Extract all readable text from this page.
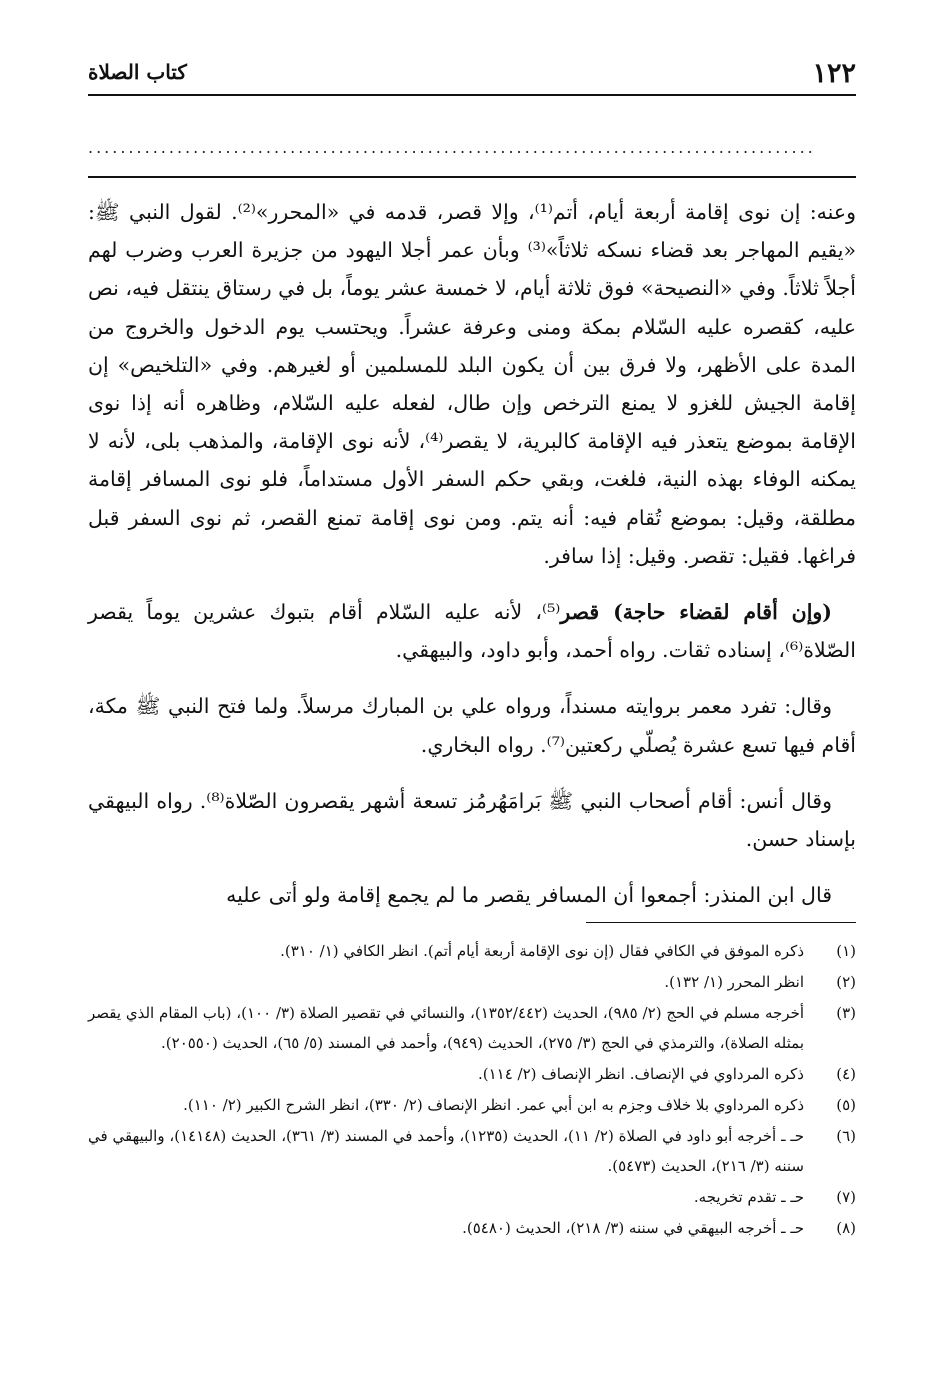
١٢٢
كتاب الصلاة
..........................................................................................

وعنه: إن نوى إقامة أربعة أيام، أتم⁽¹⁾، وإلا قصر، قدمه في «المحرر»⁽²⁾. لقول النبي ﷺ: «يقيم المهاجر بعد قضاء نسكه ثلاثاً»⁽³⁾ وبأن عمر أجلا اليهود من جزيرة العرب وضرب لهم أجلاً ثلاثاً. وفي «النصيحة» فوق ثلاثة أيام، لا خمسة عشر يوماً، بل في رستاق ينتقل فيه، نص عليه، كقصره عليه السّلام بمكة ومنى وعرفة عشراً. ويحتسب يوم الدخول والخروج من المدة على الأظهر، ولا فرق بين أن يكون البلد للمسلمين أو لغيرهم. وفي «التلخيص» إن إقامة الجيش للغزو لا يمنع الترخص وإن طال، لفعله عليه السّلام، وظاهره أنه إذا نوى الإقامة بموضع يتعذر فيه الإقامة كالبرية، لا يقصر⁽⁴⁾، لأنه نوى الإقامة، والمذهب بلى، لأنه لا يمكنه الوفاء بهذه النية، فلغت، وبقي حكم السفر الأول مستداماً، فلو نوى المسافر إقامة مطلقة، وقيل: بموضع تُقام فيه: أنه يتم. ومن نوى إقامة تمنع القصر، ثم نوى السفر قبل فراغها. فقيل: تقصر. وقيل: إذا سافر.

(وإن أقام لقضاء حاجة) قصر⁽⁵⁾، لأنه عليه السّلام أقام بتبوك عشرين يوماً يقصر الصّلاة⁽⁶⁾، إسناده ثقات. رواه أحمد، وأبو داود، والبيهقي.

وقال: تفرد معمر بروايته مسنداً، ورواه علي بن المبارك مرسلاً. ولما فتح النبي ﷺ مكة، أقام فيها تسع عشرة يُصلّي ركعتين⁽⁷⁾. رواه البخاري.

وقال أنس: أقام أصحاب النبي ﷺ بَرامَهُرمُز تسعة أشهر يقصرون الصّلاة⁽⁸⁾. رواه البيهقي بإسناد حسن.

قال ابن المنذر: أجمعوا أن المسافر يقصر ما لم يجمع إقامة ولو أتى عليه

(١)
ذكره الموفق في الكافي فقال (إن نوى الإقامة أربعة أيام أتم). انظر الكافي (١/ ٣١٠).
(٢)
انظر المحرر (١/ ١٣٢).
(٣)
أخرجه مسلم في الحج (٢/ ٩٨٥)، الحديث (١٣٥٢/٤٤٢)، والنسائي في تقصير الصلاة (٣/ ١٠٠)، (باب المقام الذي يقصر بمثله الصلاة)، والترمذي في الحج (٣/ ٢٧٥)، الحديث (٩٤٩)، وأحمد في المسند (٥/ ٦٥)، الحديث (٢٠٥٥٠).
(٤)
ذكره المرداوي في الإنصاف. انظر الإنصاف (٢/ ١١٤).
(٥)
ذكره المرداوي بلا خلاف وجزم به ابن أبي عمر. انظر الإنصاف (٢/ ٣٣٠)، انظر الشرح الكبير (٢/ ١١٠).
(٦)
حـ ـ أخرجه أبو داود في الصلاة (٢/ ١١)، الحديث (١٢٣٥)، وأحمد في المسند (٣/ ٣٦١)، الحديث (١٤١٤٨)، والبيهقي في سننه (٣/ ٢١٦)، الحديث (٥٤٧٣).
(٧)
حـ ـ تقدم تخريجه.
(٨)
حـ ـ أخرجه البيهقي في سننه (٣/ ٢١٨)، الحديث (٥٤٨٠).
